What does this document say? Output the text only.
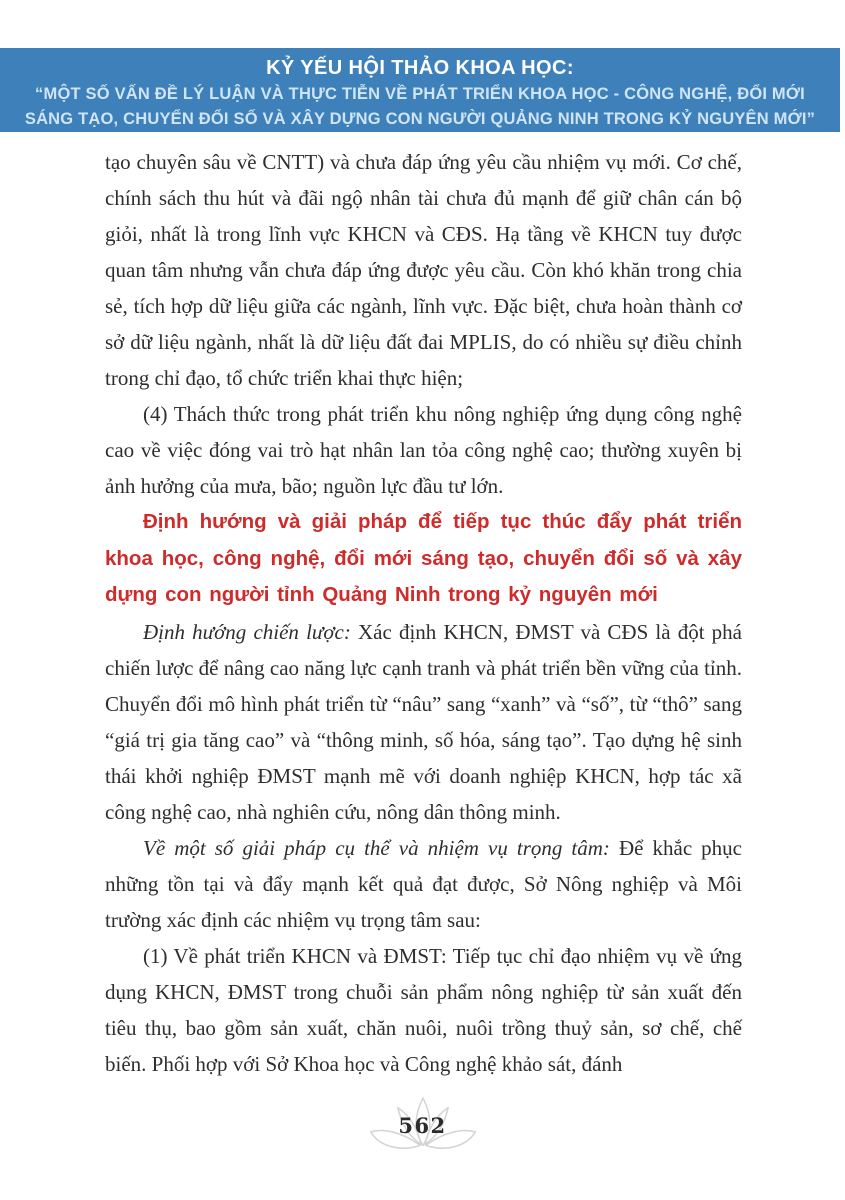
KỶ YẾU HỘI THẢO KHOA HỌC:
“MỘT SỐ VẤN ĐỀ LÝ LUẬN VÀ THỰC TIỄN VỀ PHÁT TRIỂN KHOA HỌC - CÔNG NGHỆ, ĐỔI MỚI
SÁNG TẠO, CHUYỂN ĐỔI SỐ VÀ XÂY DỰNG CON NGƯỜI QUẢNG NINH TRONG KỶ NGUYÊN MỚI”

tạo chuyên sâu về CNTT) và chưa đáp ứng yêu cầu nhiệm vụ mới. Cơ chế, chính sách thu hút và đãi ngộ nhân tài chưa đủ mạnh để giữ chân cán bộ giỏi, nhất là trong lĩnh vực KHCN và CĐS. Hạ tầng về KHCN tuy được quan tâm nhưng vẫn chưa đáp ứng được yêu cầu. Còn khó khăn trong chia sẻ, tích hợp dữ liệu giữa các ngành, lĩnh vực. Đặc biệt, chưa hoàn thành cơ sở dữ liệu ngành, nhất là dữ liệu đất đai MPLIS, do có nhiều sự điều chỉnh trong chỉ đạo, tổ chức triển khai thực hiện;

(4) Thách thức trong phát triển khu nông nghiệp ứng dụng công nghệ cao về việc đóng vai trò hạt nhân lan tỏa công nghệ cao; thường xuyên bị ảnh hưởng của mưa, bão; nguồn lực đầu tư lớn.

Định hướng và giải pháp để tiếp tục thúc đẩy phát triển khoa học, công nghệ, đổi mới sáng tạo, chuyển đổi số và xây dựng con người tỉnh Quảng Ninh trong kỷ nguyên mới

Định hướng chiến lược: Xác định KHCN, ĐMST và CĐS là đột phá chiến lược để nâng cao năng lực cạnh tranh và phát triển bền vững của tỉnh. Chuyển đổi mô hình phát triển từ “nâu” sang “xanh” và “số”, từ “thô” sang “giá trị gia tăng cao” và “thông minh, số hóa, sáng tạo”. Tạo dựng hệ sinh thái khởi nghiệp ĐMST mạnh mẽ với doanh nghiệp KHCN, hợp tác xã công nghệ cao, nhà nghiên cứu, nông dân thông minh.

Về một số giải pháp cụ thể và nhiệm vụ trọng tâm: Để khắc phục những tồn tại và đẩy mạnh kết quả đạt được, Sở Nông nghiệp và Môi trường xác định các nhiệm vụ trọng tâm sau:

(1) Về phát triển KHCN và ĐMST: Tiếp tục chỉ đạo nhiệm vụ về ứng dụng KHCN, ĐMST trong chuỗi sản phẩm nông nghiệp từ sản xuất đến tiêu thụ, bao gồm sản xuất, chăn nuôi, nuôi trồng thuỷ sản, sơ chế, chế biến. Phối hợp với Sở Khoa học và Công nghệ khảo sát, đánh

562
